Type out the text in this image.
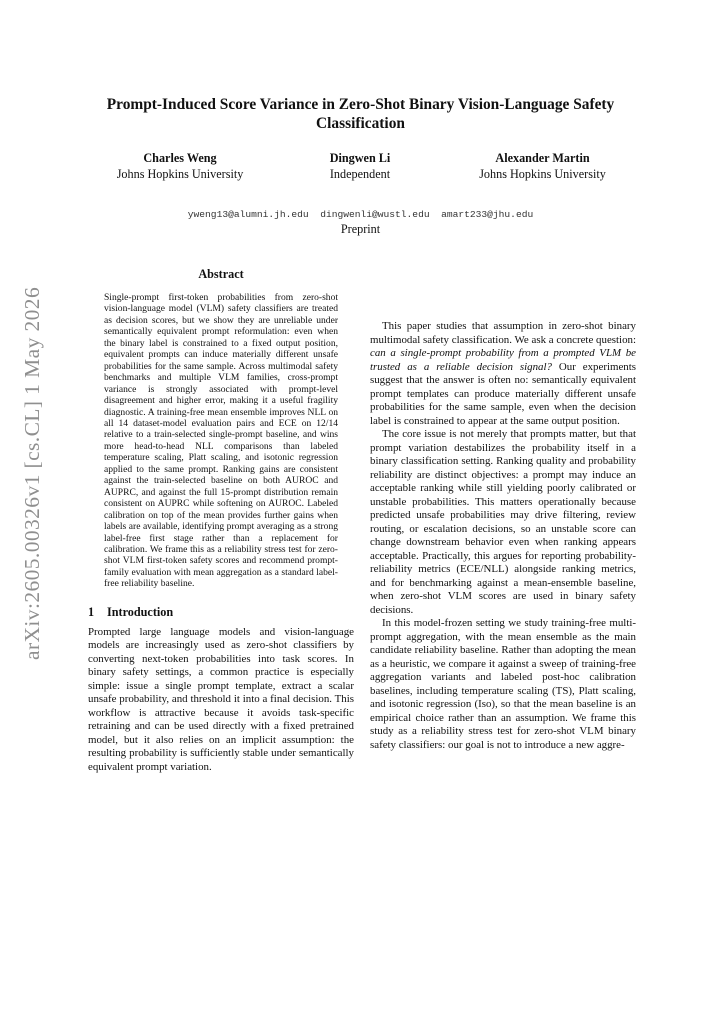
arXiv:2605.00326v1 [cs.CL] 1 May 2026
Prompt-Induced Score Variance in Zero-Shot Binary Vision-Language Safety Classification
Charles Weng
Johns Hopkins University
Dingwen Li
Independent
Alexander Martin
Johns Hopkins University
yweng13@alumni.jh.edu  dingwenli@wustl.edu  amart233@jhu.edu
Preprint
Abstract

Single-prompt first-token probabilities from zero-shot vision-language model (VLM) safety classifiers are treated as decision scores, but we show they are unreliable under semantically equivalent prompt reformulation: even when the binary label is constrained to a fixed output position, equivalent prompts can induce materially different unsafe probabilities for the same sample. Across multimodal safety benchmarks and multiple VLM families, cross-prompt variance is strongly associated with prompt-level disagreement and higher error, making it a useful fragility diagnostic. A training-free mean ensemble improves NLL on all 14 dataset-model evaluation pairs and ECE on 12/14 relative to a train-selected single-prompt baseline, and wins more head-to-head NLL comparisons than labeled temperature scaling, Platt scaling, and isotonic regression applied to the same prompt. Ranking gains are consistent against the train-selected baseline on both AUROC and AUPRC, and against the full 15-prompt distribution remain consistent on AUPRC while softening on AUROC. Labeled calibration on top of the mean provides further gains when labels are available, identifying prompt averaging as a strong label-free first stage rather than a replacement for calibration. We frame this as a reliability stress test for zero-shot VLM first-token safety scores and recommend prompt-family evaluation with mean aggregation as a standard label-free reliability baseline.

1 Introduction

Prompted large language models and vision-language models are increasingly used as zero-shot classifiers by converting next-token probabilities into task scores. In binary safety settings, a common practice is especially simple: issue a single prompt template, extract a scalar unsafe probability, and threshold it into a final decision. This workflow is attractive because it avoids task-specific retraining and can be used directly with a fixed pretrained model, but it also relies on an implicit assumption: the resulting probability is sufficiently stable under semantically equivalent prompt variation.

This paper studies that assumption in zero-shot binary multimodal safety classification. We ask a concrete question: can a single-prompt probability from a prompted VLM be trusted as a reliable decision signal? Our experiments suggest that the answer is often no: semantically equivalent prompt templates can produce materially different unsafe probabilities for the same sample, even when the decision label is constrained to appear at the same output position.

The core issue is not merely that prompts matter, but that prompt variation destabilizes the probability itself in a binary classification setting. Ranking quality and probability reliability are distinct objectives: a prompt may induce an acceptable ranking while still yielding poorly calibrated or unstable probabilities. This matters operationally because predicted unsafe probabilities may drive filtering, review routing, or escalation decisions, so an unstable score can change downstream behavior even when ranking appears acceptable. Practically, this argues for reporting probability-reliability metrics (ECE/NLL) alongside ranking metrics, and for benchmarking against a mean-ensemble baseline, when zero-shot VLM scores are used in binary safety decisions.

In this model-frozen setting we study training-free multi-prompt aggregation, with the mean ensemble as the main candidate reliability baseline. Rather than adopting the mean as a heuristic, we compare it against a sweep of training-free aggregation variants and labeled post-hoc calibration baselines, including temperature scaling (TS), Platt scaling, and isotonic regression (Iso), so that the mean baseline is an empirical choice rather than an assumption. We frame this study as a reliability stress test for zero-shot VLM binary safety classifiers: our goal is not to introduce a new aggre-
